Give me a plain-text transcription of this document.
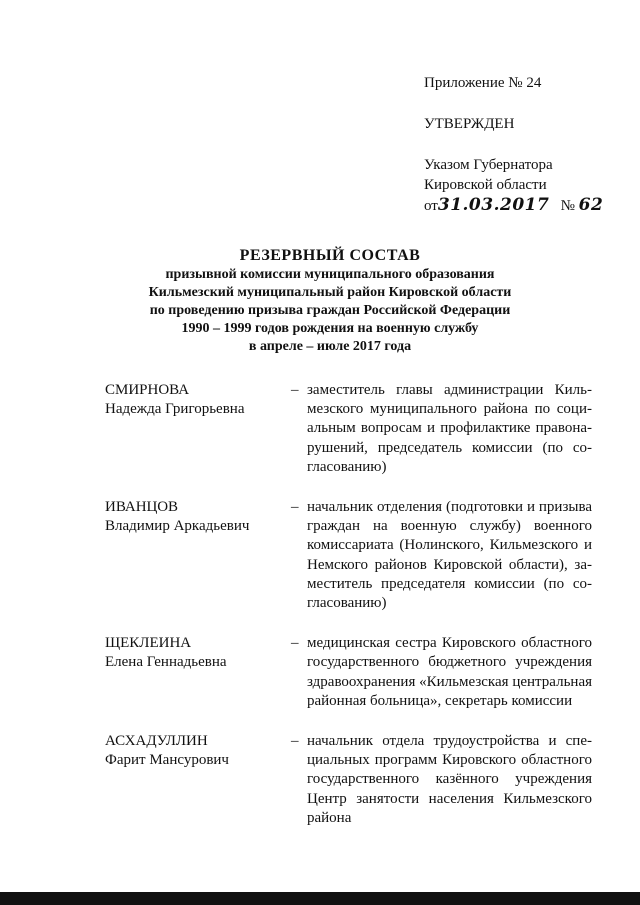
Приложение № 24
УТВЕРЖДЕН
Указом Губернатора
Кировской области
от31.03.2017 № 62
РЕЗЕРВНЫЙ СОСТАВ
призывной комиссии муниципального образования
Кильмезский муниципальный район Кировской области
по проведению призыва граждан Российской Федерации
1990 – 1999 годов рождения на военную службу
в апреле – июле 2017 года
СМИРНОВА
Надежда Григорьевна
– заместитель главы администрации Кильмезского муниципального района по социальным вопросам и профилактике правонарушений, председатель комиссии (по согласованию)
ИВАНЦОВ
Владимир Аркадьевич
– начальник отделения (подготовки и призыва граждан на военную службу) военного комиссариата (Нолинского, Кильмезского и Немского районов Кировской области), заместитель председателя комиссии (по согласованию)
ЩЕКЛЕИНА
Елена Геннадьевна
– медицинская сестра Кировского областного государственного бюджетного учреждения здравоохранения «Кильмезская центральная районная больница», секретарь комиссии
АСХАДУЛЛИН
Фарит Мансурович
– начальник отдела трудоустройства и специальных программ Кировского областного государственного казённого учреждения Центр занятости населения Кильмезского района
